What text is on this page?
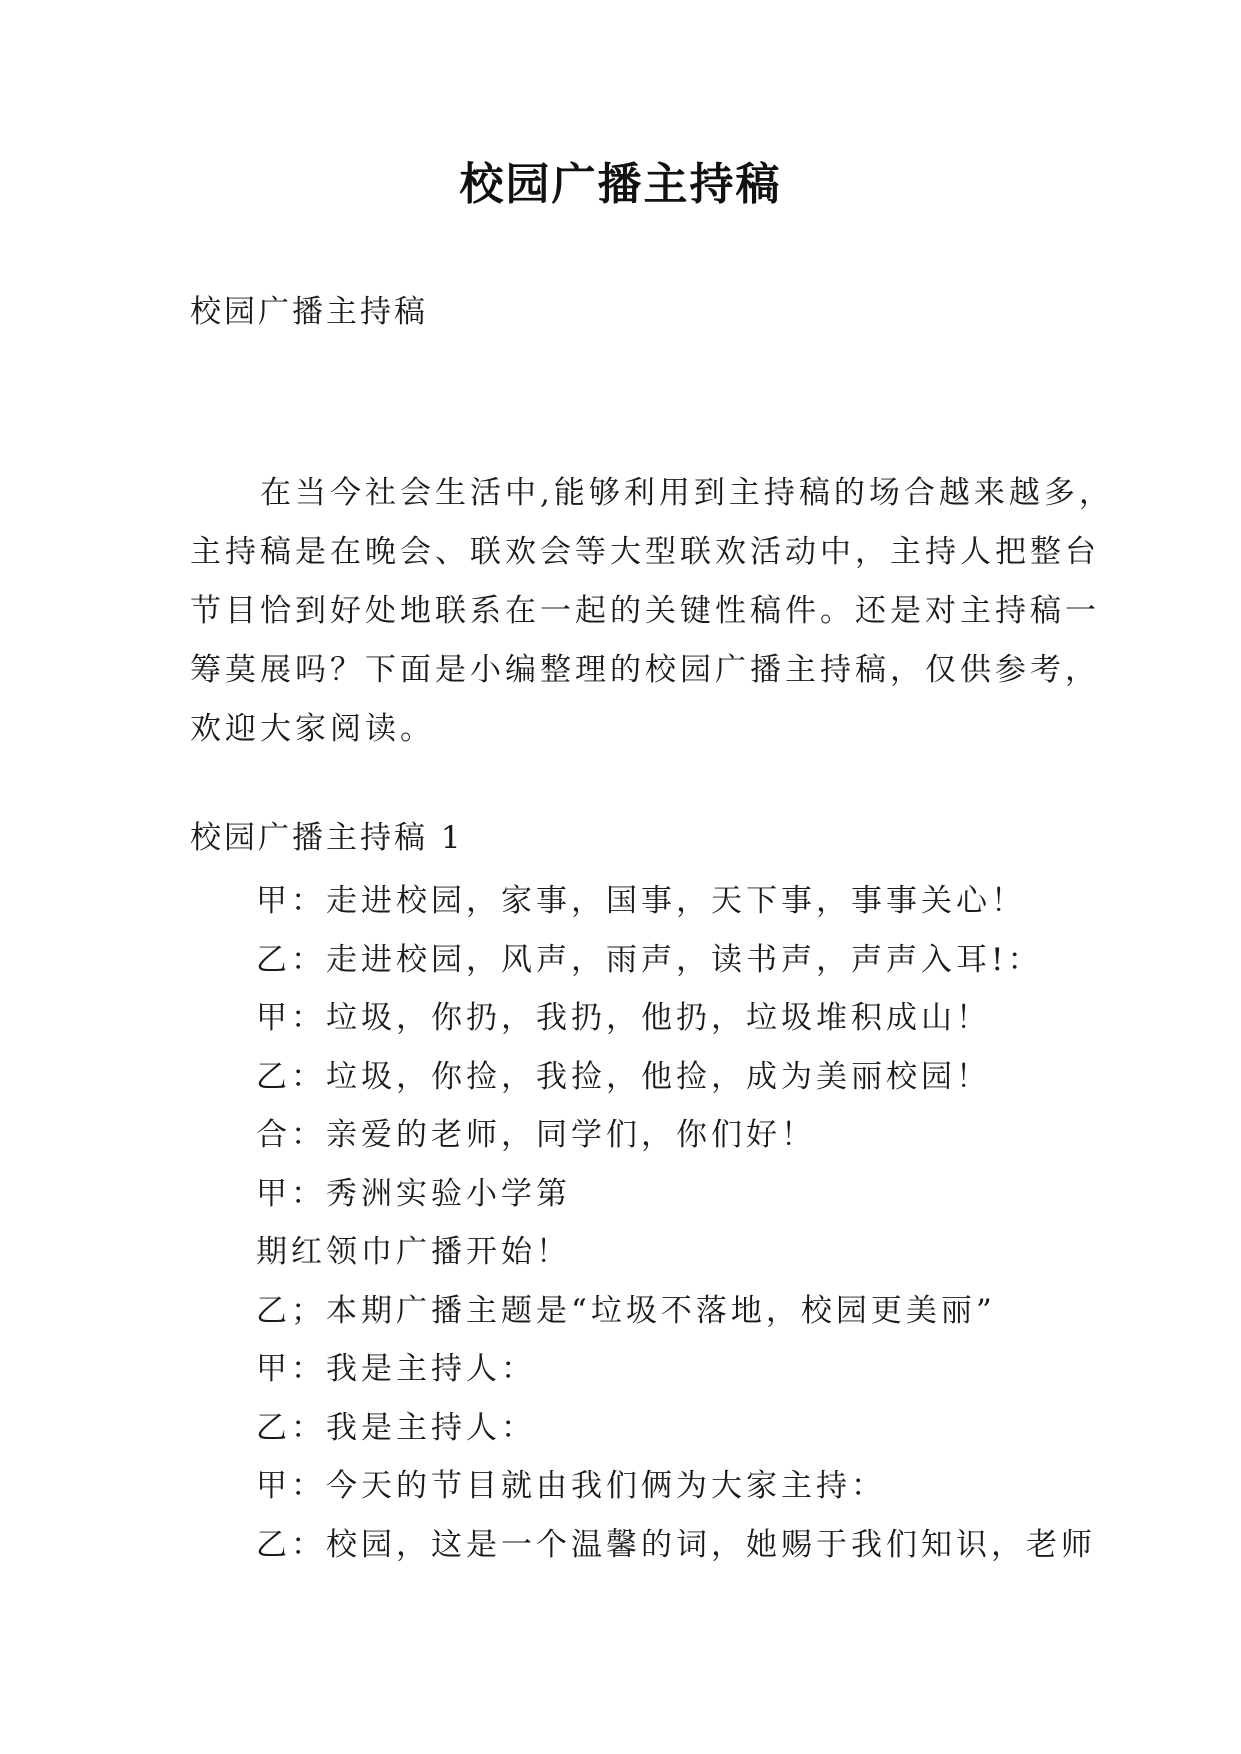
校园广播主持稿
校园广播主持稿
　　在当今社会生活中,能够利用到主持稿的场合越来越多，
主持稿是在晚会、联欢会等大型联欢活动中，主持人把整台
节目恰到好处地联系在一起的关键性稿件。还是对主持稿一
筹莫展吗？下面是小编整理的校园广播主持稿，仅供参考，
欢迎大家阅读。
校园广播主持稿 1
甲：走进校园，家事，国事，天下事，事事关心！
乙：走进校园，风声，雨声，读书声，声声入耳!：
甲：垃圾，你扔，我扔，他扔，垃圾堆积成山！
乙：垃圾，你捡，我捡，他捡，成为美丽校园！
合：亲爱的老师，同学们，你们好！
甲：秀洲实验小学第
期红领巾广播开始！
乙；本期广播主题是“垃圾不落地，校园更美丽”
甲：我是主持人：
乙：我是主持人：
甲：今天的节目就由我们俩为大家主持：
乙：校园，这是一个温馨的词，她赐于我们知识，老师
